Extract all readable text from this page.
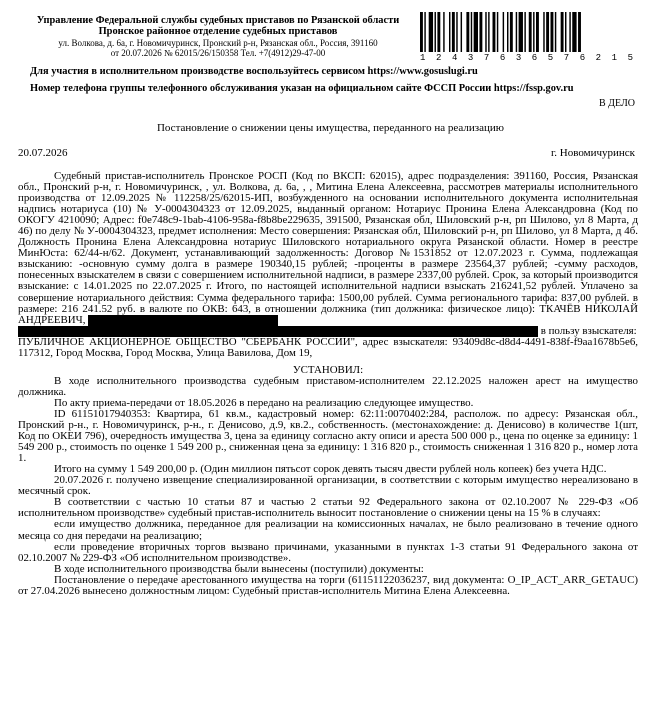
Управление Федеральной службы судебных приставов по Рязанской области
Пронское районное отделение судебных приставов
ул. Волкова, д. 6а, г. Новомичуринск, Пронский р-н, Рязанская обл., Россия, 391160
от 20.07.2026 № 62015/26/150358 Тел. +7(4912)29-47-00
1 2 4 3 7 6 3 6 5 7 6 2 1 5
Для участия в исполнительном производстве воспользуйтесь сервисом https://www.gosuslugi.ru
Номер телефона группы телефонного обслуживания указан на официальном сайте ФССП России https://fssp.gov.ru
В ДЕЛО
Постановление о снижении цены имущества, переданного на реализацию
20.07.2026	г. Новомичуринск

Судебный пристав-исполнитель Пронское РОСП (Код по ВКСП: 62015), адрес подразделения: 391160, Россия, Рязанская обл., Пронский р-н, г. Новомичуринск, , ул. Волкова, д. 6а, , , Митина Елена Алексеевна, рассмотрев материалы исполнительного производства от 12.09.2025 № 112258/25/62015-ИП, возбужденного на основании исполнительного документа исполнительная надпись нотариуса (10) № У-0004304323 от 12.09.2025, выданный органом: Нотариус Пронина Елена Александровна (Код по ОКОГУ 4210090; Адрес: f0e748c9-1bab-4106-958a-f8b8be229635, 391500, Рязанская обл, Шиловский р-н, рп Шилово, ул 8 Марта, д 46) по делу № У-0004304323, предмет исполнения: Место совершения: Рязанская обл, Шиловский р-н, рп Шилово, ул 8 Марта, д 4б. Должность Пронина Елена Александровна нотариус Шиловского нотариального округа Рязанской области. Номер в реестре МинЮста: 62/44-н/62. Документ, устанавливающий задолженность: Договор №1531852 от 12.07.2023 г. Сумма, подлежащая взысканию: -основную сумму долга в размере 190340,15 рублей; -проценты в размере 23564,37 рублей; -сумму расходов, понесенных взыскателем в связи с совершением исполнительной надписи, в размере 2337,00 рублей. Срок, за который производится взыскание: с 14.01.2025 по 22.07.2025 г. Итого, по настоящей исполнительной надписи взыскать 216241,52 рублей. Уплачено за совершение нотариального действия: Сумма федерального тарифа: 1500,00 рублей. Сумма регионального тарифа: 837,00 рублей. в размере: 216 241.52 руб. в валюте по ОКВ: 643, в отношении должника (тип должника: физическое лицо): ТКАЧЁВ НИКОЛАЙ АНДРЕЕВИЧ,
в пользу взыскателя:

ПУБЛИЧНОЕ АКЦИОНЕРНОЕ ОБЩЕСТВО "СБЕРБАНК РОССИИ", адрес взыскателя: 93409d8c-d8d4-4491-838f-f9aa1678b5e6, 117312, Город Москва, Город Москва, Улица Вавилова, Дом 19,

УСТАНОВИЛ:

В ходе исполнительного производства судебным приставом-исполнителем 22.12.2025 наложен арест на имущество должника.

По акту приема-передачи от 18.05.2026 в передано на реализацию следующее имущество.

ID 61151017940353: Квартира, 61 кв.м., кадастровый номер: 62:11:0070402:284, располож. по адресу: Рязанская обл., Пронский р-н., г. Новомичуринск, р-н., г. Денисово, д.9, кв.2., собственность. (местонахождение: д. Денисово) в количестве 1(шт, Код по ОКЕИ 796), очередность имущества 3, цена за единицу согласно акту описи и ареста 500 000 р., цена по оценке за единицу: 1 549 200 р., стоимость по оценке 1 549 200 р., сниженная цена за единицу: 1 316 820 р., стоимость сниженная 1 316 820 р., номер лота 1.

Итого на сумму 1 549 200,00 р. (Один миллион пятьсот сорок девять тысяч двести рублей ноль копеек) без учета НДС.

20.07.2026 г. получено извещение специализированной организации, в соответствии с которым имущество нереализовано в месячный срок.

В соответствии с частью 10 статьи 87 и частью 2 статьи 92 Федерального закона от 02.10.2007 № 229-ФЗ «Об исполнительном производстве» судебный пристав-исполнитель выносит постановление о снижении цены на 15 % в случаях:

если имущество должника, переданное для реализации на комиссионных началах, не было реализовано в течение одного месяца со дня передачи на реализацию;

если проведение вторичных торгов вызвано причинами, указанными в пунктах 1-3 статьи 91 Федерального закона от 02.10.2007 № 229-ФЗ «Об исполнительном производстве».

В ходе исполнительного производства были вынесены (поступили) документы:

Постановление о передаче арестованного имущества на торги (61151122036237, вид документа: O_IP_ACT_ARR_GETAUC) от 27.04.2026 вынесено должностным лицом: Судебный пристав-исполнитель Митина Елена Алексеевна.
